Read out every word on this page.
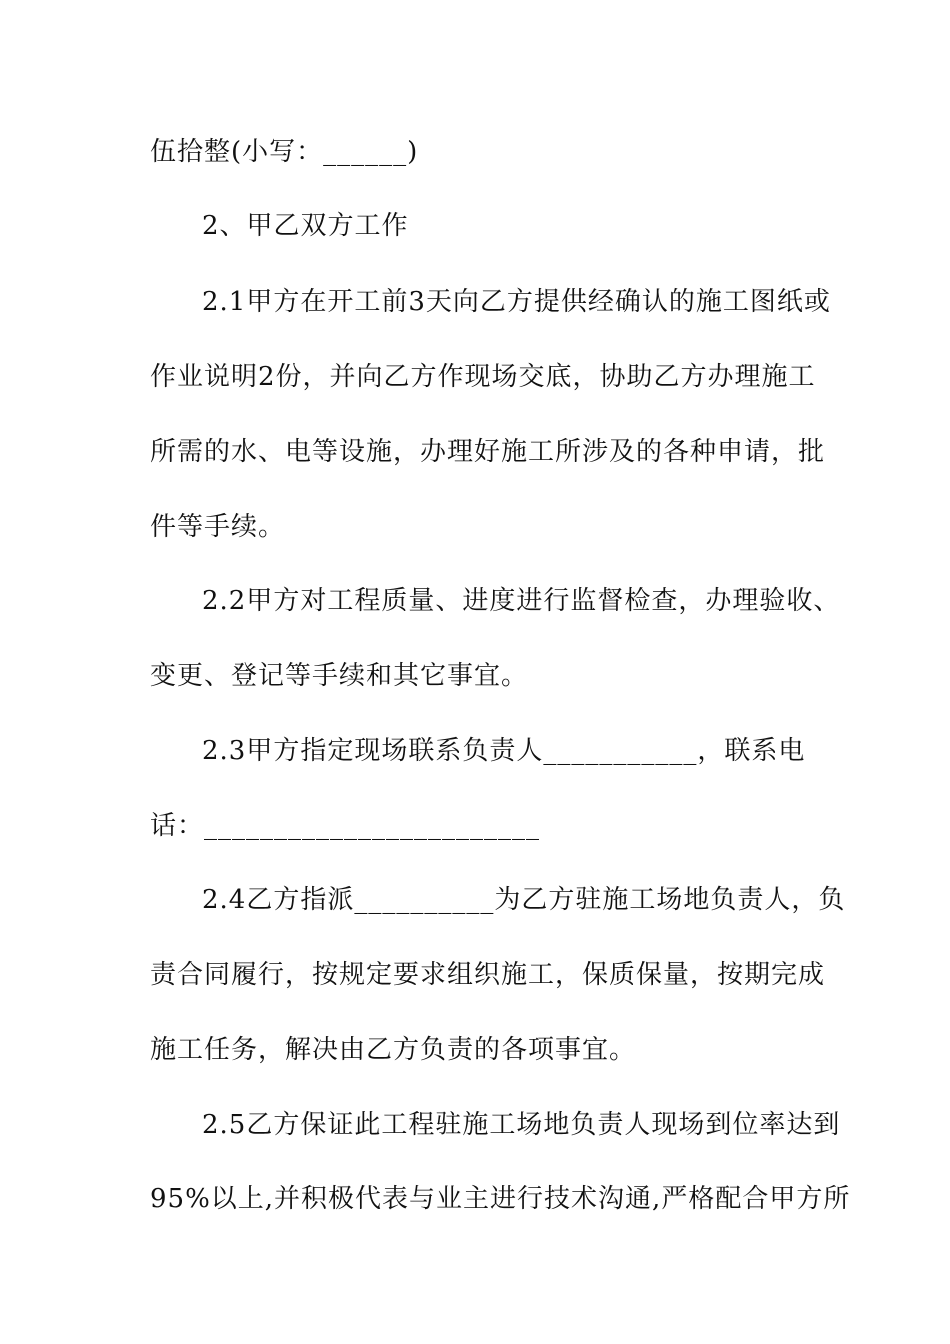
伍拾整(小写：______)
2、甲乙双方工作
2.1甲方在开工前3天向乙方提供经确认的施工图纸或
作业说明2份，并向乙方作现场交底，协助乙方办理施工
所需的水、电等设施，办理好施工所涉及的各种申请，批
件等手续。
2.2甲方对工程质量、进度进行监督检查，办理验收、
变更、登记等手续和其它事宜。
2.3甲方指定现场联系负责人___________，联系电
话：________________________
2.4乙方指派__________为乙方驻施工场地负责人，负
责合同履行，按规定要求组织施工，保质保量，按期完成
施工任务，解决由乙方负责的各项事宜。
2.5乙方保证此工程驻施工场地负责人现场到位率达到
95%以上,并积极代表与业主进行技术沟通,严格配合甲方所
